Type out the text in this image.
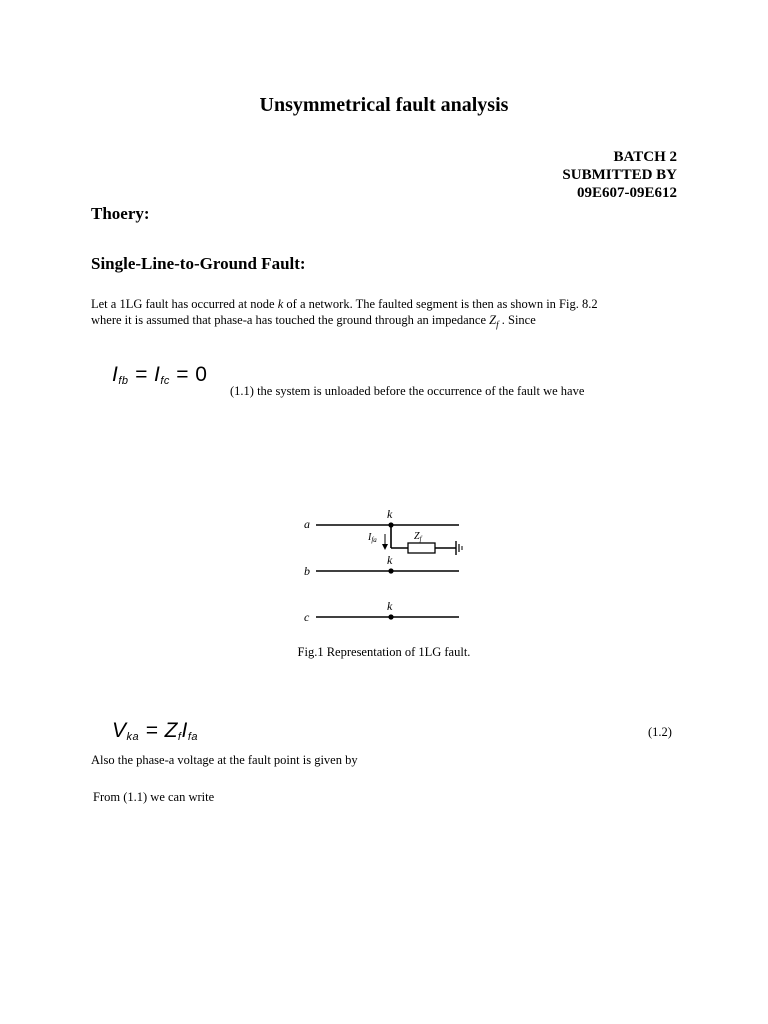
Unsymmetrical fault analysis
BATCH 2
SUBMITTED BY
09E607-09E612
Thoery:
Single-Line-to-Ground Fault:
Let a 1LG fault has occurred at node k of a network. The faulted segment is then as shown in Fig. 8.2
where it is assumed that phase-a has touched the ground through an impedance $Z_f$ . Since
$I_{fb} = I_{fc} = 0$
(1.1) the system is unloaded before the occurrence of the fault we have
a
b
c
k
k
k
$I_{fa}$	$Z_f$
Fig.1 Representation of 1LG fault.
$V_{ka} = Z_fI_{fa}$	(1.2)
Also the phase-a voltage at the fault point is given by
From (1.1) we can write
